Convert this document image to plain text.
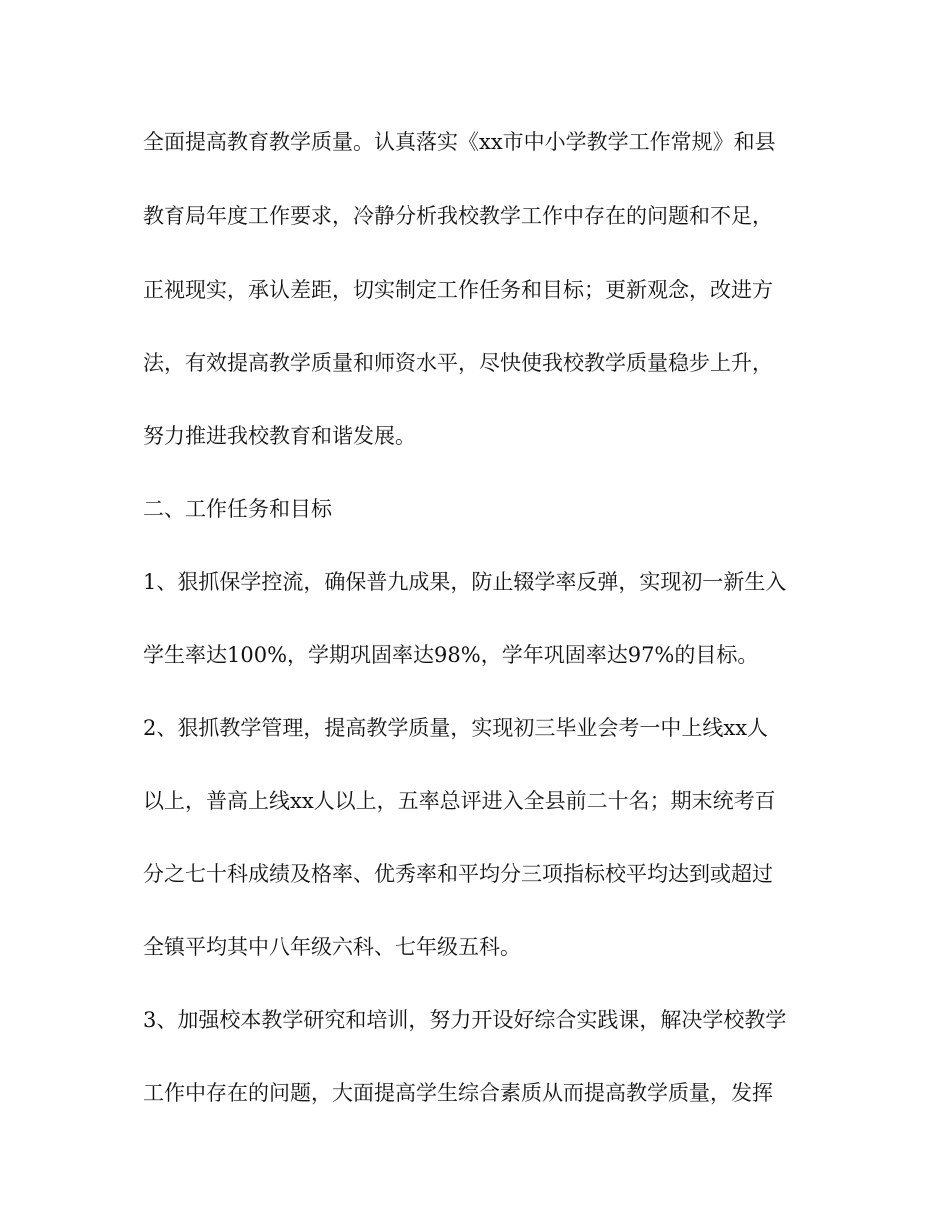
全面提高教育教学质量。认真落实《xx市中小学教学工作常规》和县

教育局年度工作要求，冷静分析我校教学工作中存在的问题和不足，

正视现实，承认差距，切实制定工作任务和目标；更新观念，改进方

法，有效提高教学质量和师资水平，尽快使我校教学质量稳步上升，

努力推进我校教育和谐发展。

二、工作任务和目标

1、狠抓保学控流，确保普九成果，防止辍学率反弹，实现初一新生入

学生率达100%，学期巩固率达98%，学年巩固率达97%的目标。

2、狠抓教学管理，提高教学质量，实现初三毕业会考一中上线xx人

以上，普高上线xx人以上，五率总评进入全县前二十名；期末统考百

分之七十科成绩及格率、优秀率和平均分三项指标校平均达到或超过

全镇平均其中八年级六科、七年级五科。

3、加强校本教学研究和培训，努力开设好综合实践课，解决学校教学

工作中存在的问题，大面提高学生综合素质从而提高教学质量，发挥
